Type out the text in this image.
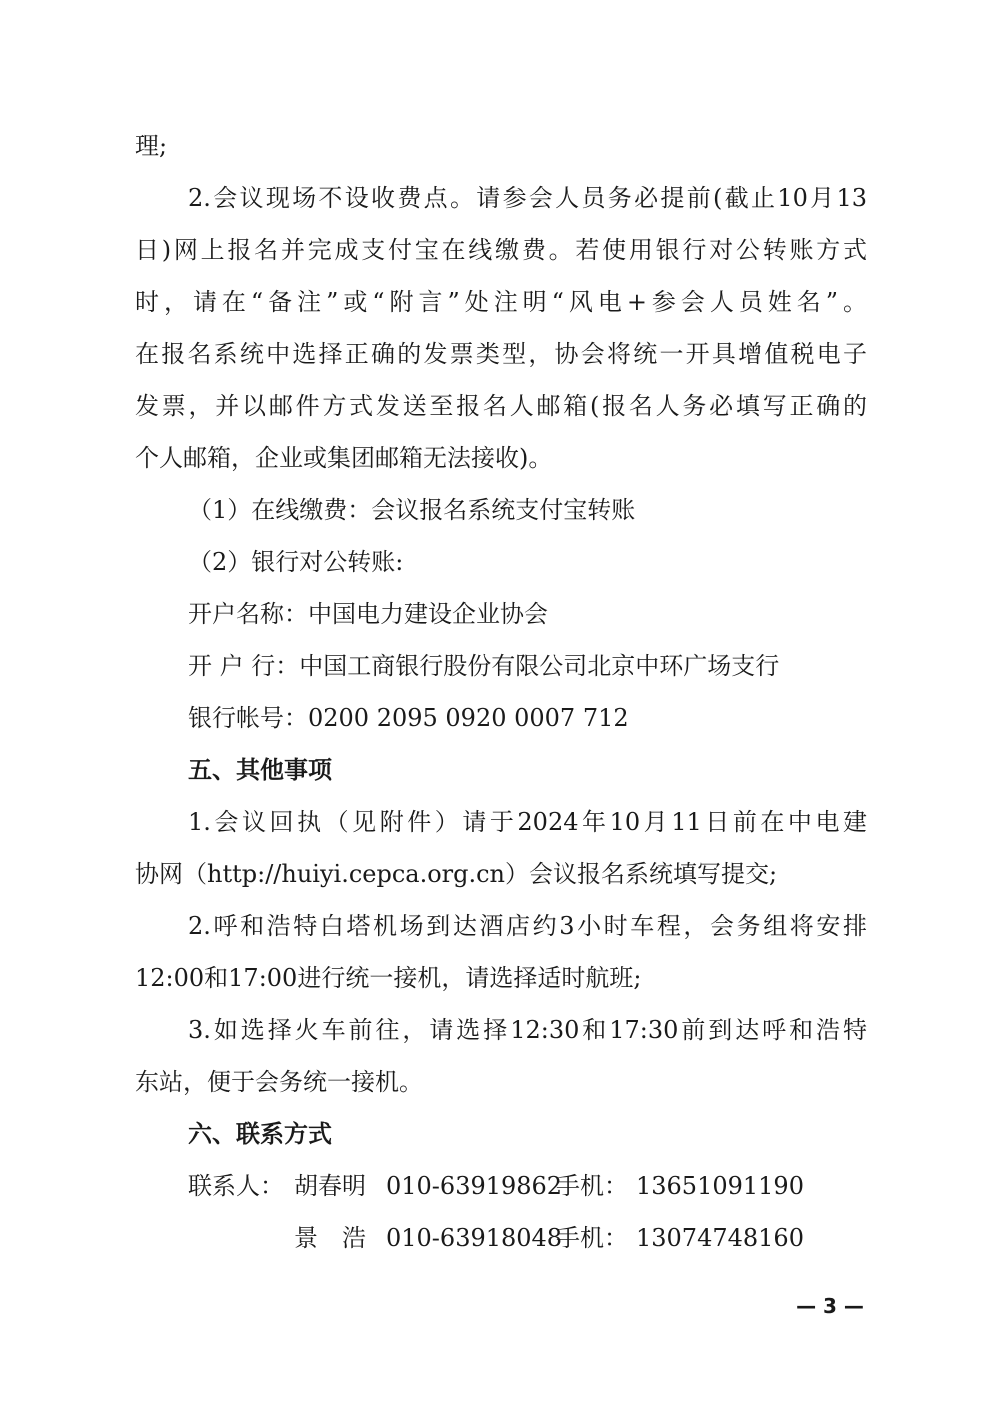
理;
2.会议现场不设收费点。请参会人员务必提前(截止10月13
日)网上报名并完成支付宝在线缴费。若使用银行对公转账方式
时，请在“备注”或“附言”处注明“风电+参会人员姓名”。
在报名系统中选择正确的发票类型，协会将统一开具增值税电子
发票，并以邮件方式发送至报名人邮箱(报名人务必填写正确的
个人邮箱，企业或集团邮箱无法接收)。
（1）在线缴费：会议报名系统支付宝转账
（2）银行对公转账:
开户名称：中国电力建设企业协会
开 户 行：中国工商银行股份有限公司北京中环广场支行
银行帐号：0200 2095 0920 0007 712
五、其他事项
1.会议回执（见附件）请于2024年10月11日前在中电建
协网（http://huiyi.cepca.org.cn）会议报名系统填写提交;
2.呼和浩特白塔机场到达酒店约3小时车程，会务组将安排
12:00和17:00进行统一接机，请选择适时航班;
3.如选择火车前往，请选择12:30和17:30前到达呼和浩特
东站，便于会务统一接机。
六、联系方式
联系人： 胡春明 010-63919862
手机： 13651091190
景　浩 010-63918048
手机： 13074748160
— 3 —
